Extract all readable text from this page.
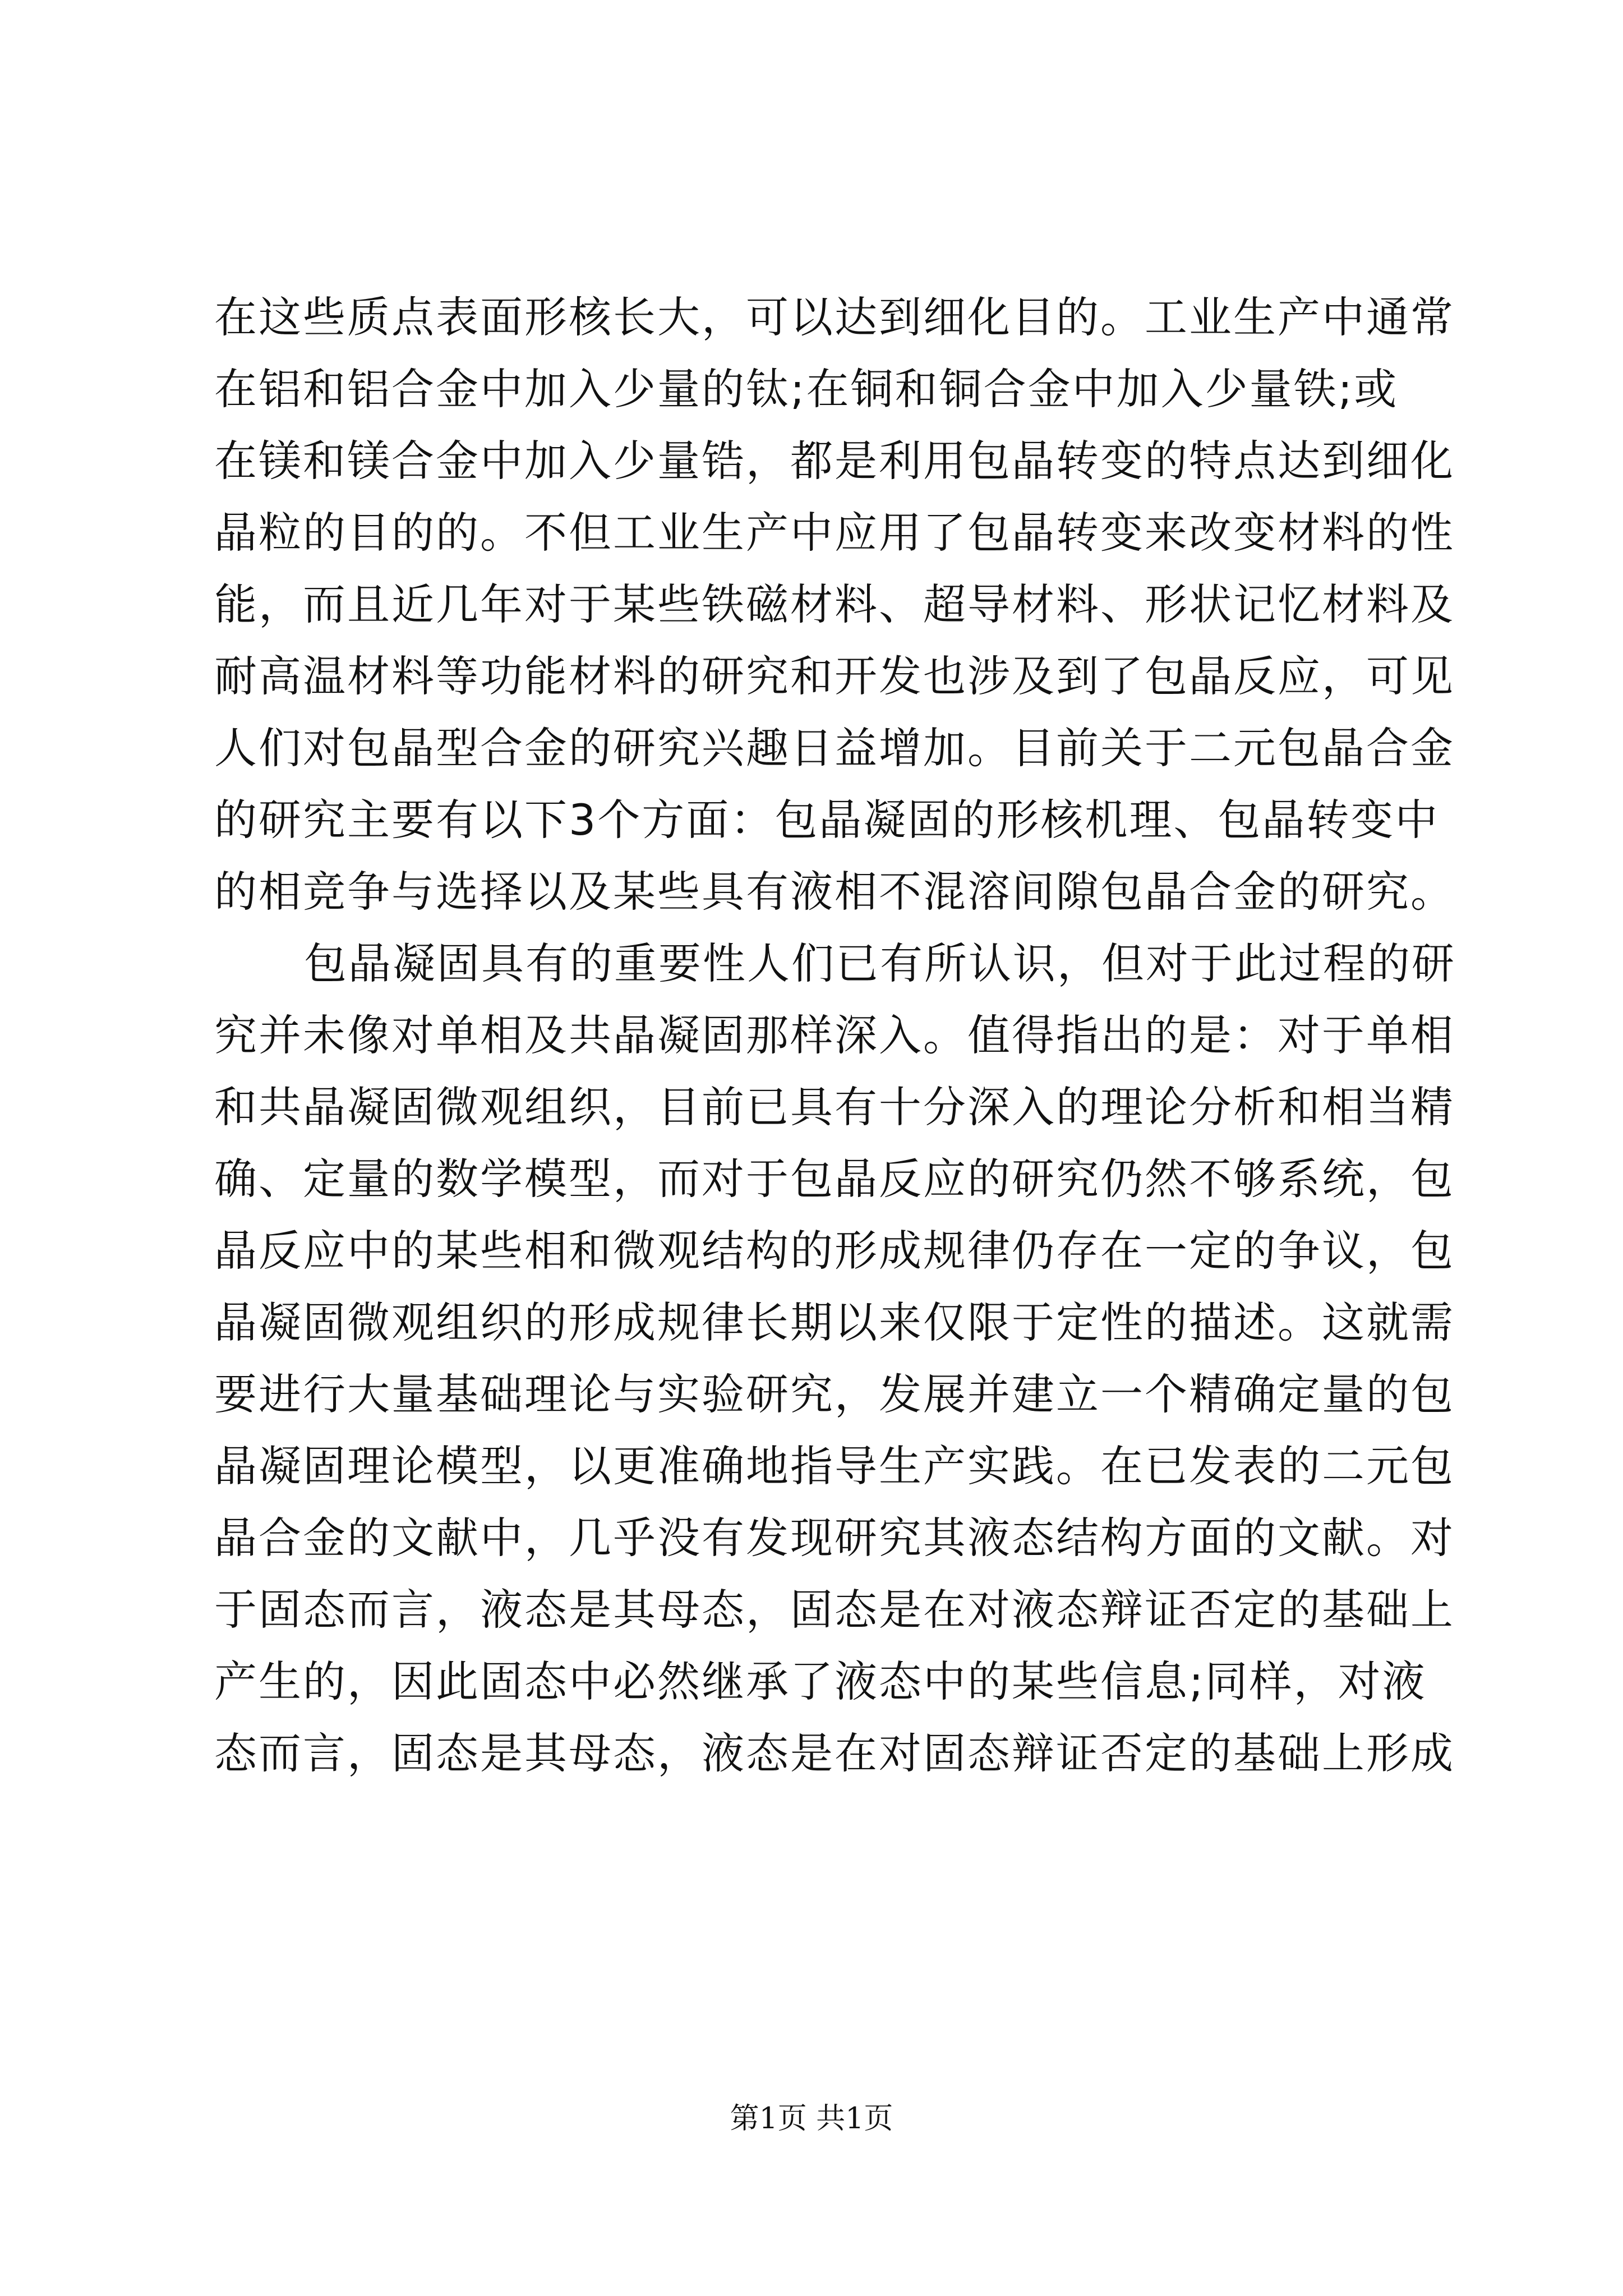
在这些质点表面形核长大，可以达到细化目的。工业生产中通常
在铝和铝合金中加入少量的钛;在铜和铜合金中加入少量铁;或
在镁和镁合金中加入少量锆，都是利用包晶转变的特点达到细化
晶粒的目的的。不但工业生产中应用了包晶转变来改变材料的性
能，而且近几年对于某些铁磁材料、超导材料、形状记忆材料及
耐高温材料等功能材料的研究和开发也涉及到了包晶反应，可见
人们对包晶型合金的研究兴趣日益增加。目前关于二元包晶合金
的研究主要有以下3个方面：包晶凝固的形核机理、包晶转变中
的相竞争与选择以及某些具有液相不混溶间隙包晶合金的研究。
包晶凝固具有的重要性人们已有所认识，但对于此过程的研
究并未像对单相及共晶凝固那样深入。值得指出的是：对于单相
和共晶凝固微观组织，目前已具有十分深入的理论分析和相当精
确、定量的数学模型，而对于包晶反应的研究仍然不够系统，包
晶反应中的某些相和微观结构的形成规律仍存在一定的争议，包
晶凝固微观组织的形成规律长期以来仅限于定性的描述。这就需
要进行大量基础理论与实验研究，发展并建立一个精确定量的包
晶凝固理论模型，以更准确地指导生产实践。在已发表的二元包
晶合金的文献中，几乎没有发现研究其液态结构方面的文献。对
于固态而言，液态是其母态，固态是在对液态辩证否定的基础上
产生的，因此固态中必然继承了液态中的某些信息;同样，对液
态而言，固态是其母态，液态是在对固态辩证否定的基础上形成
第1页 共1页
